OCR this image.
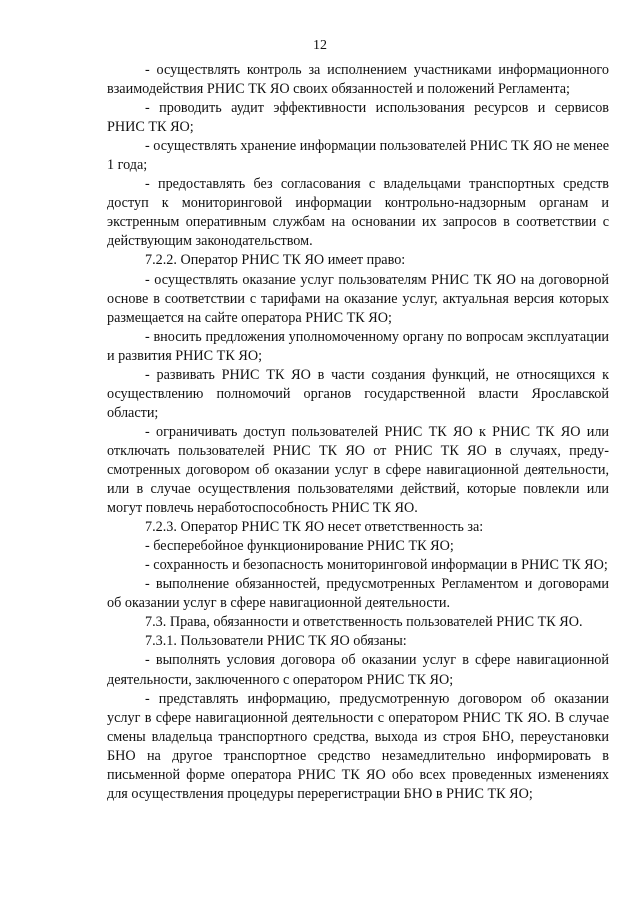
12

- осуществлять контроль за исполнением участниками информационного взаимодействия РНИС ТК ЯО своих обязанностей и положений Регламента;

- проводить аудит эффективности использования ресурсов и сервисов РНИС ТК ЯО;

- осуществлять хранение информации пользователей РНИС ТК ЯО не менее 1 года;

- предоставлять без согласования с владельцами транспортных средств доступ к мониторинговой информации контрольно-надзорным органам и экстренным оперативным службам на основании их запросов в соответствии с действующим законодательством.

7.2.2. Оператор РНИС ТК ЯО имеет право:

- осуществлять оказание услуг пользователям РНИС ТК ЯО на договорной основе в соответствии с тарифами на оказание услуг, актуальная версия которых размещается на сайте оператора РНИС ТК ЯО;

- вносить предложения уполномоченному органу по вопросам эксплуатации и развития РНИС ТК ЯО;

- развивать РНИС ТК ЯО в части создания функций, не относящихся к осуществлению полномочий органов государственной власти Ярославской области;

- ограничивать доступ пользователей РНИС ТК ЯО к РНИС ТК ЯО или отключать пользователей РНИС ТК ЯО от РНИС ТК ЯО в случаях, предусмотренных договором об оказании услуг в сфере навигационной деятельности, или в случае осуществления пользователями действий, которые повлекли или могут повлечь неработоспособность РНИС ТК ЯО.

7.2.3. Оператор РНИС ТК ЯО несет ответственность за:

- бесперебойное функционирование РНИС ТК ЯО;

- сохранность и безопасность мониторинговой информации в РНИС ТК ЯО;

- выполнение обязанностей, предусмотренных Регламентом и договорами об оказании услуг в сфере навигационной деятельности.

7.3. Права, обязанности и ответственность пользователей РНИС ТК ЯО.

7.3.1. Пользователи РНИС ТК ЯО обязаны:

- выполнять условия договора об оказании услуг в сфере навигационной деятельности, заключенного с оператором РНИС ТК ЯО;

- представлять информацию, предусмотренную договором об оказании услуг в сфере навигационной деятельности с оператором РНИС ТК ЯО. В случае смены владельца транспортного средства, выхода из строя БНО, переустановки БНО на другое транспортное средство незамедлительно информировать в письменной форме оператора РНИС ТК ЯО обо всех проведенных изменениях для осуществления процедуры перерегистрации БНО в РНИС ТК ЯО;
